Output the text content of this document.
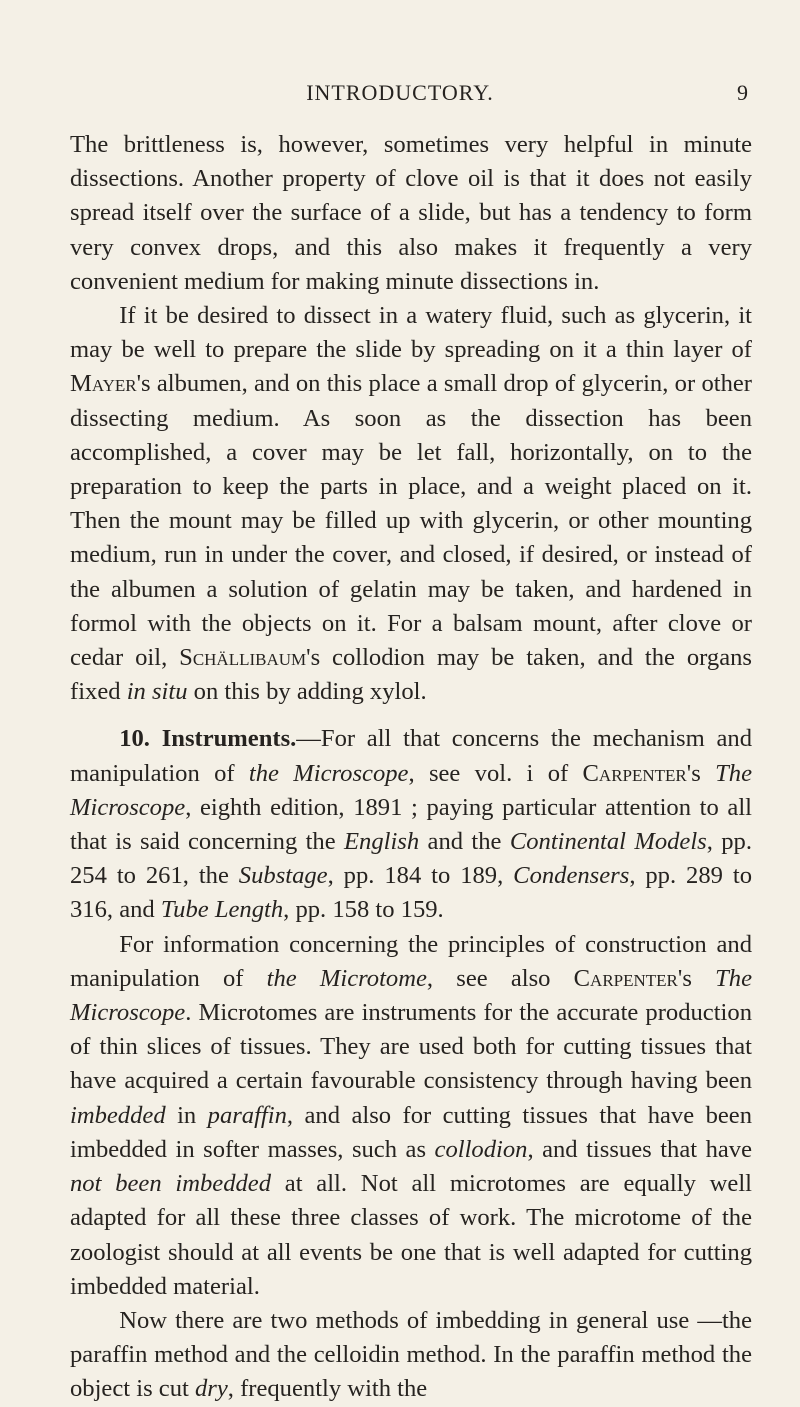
INTRODUCTORY.	9

The brittleness is, however, sometimes very helpful in minute dissections. Another property of clove oil is that it does not easily spread itself over the surface of a slide, but has a tendency to form very convex drops, and this also makes it frequently a very convenient medium for making minute dissections in.

If it be desired to dissect in a watery fluid, such as glycerin, it may be well to prepare the slide by spreading on it a thin layer of Mayer's albumen, and on this place a small drop of glycerin, or other dissecting medium. As soon as the dissection has been accomplished, a cover may be let fall, horizontally, on to the preparation to keep the parts in place, and a weight placed on it. Then the mount may be filled up with glycerin, or other mounting medium, run in under the cover, and closed, if desired, or instead of the albumen a solution of gelatin may be taken, and hardened in formol with the objects on it. For a balsam mount, after clove or cedar oil, Schällibaum's collodion may be taken, and the organs fixed in situ on this by adding xylol.

10. Instruments.—For all that concerns the mechanism and manipulation of the Microscope, see vol. i of Carpenter's The Microscope, eighth edition, 1891 ; paying particular attention to all that is said concerning the English and the Continental Models, pp. 254 to 261, the Substage, pp. 184 to 189, Condensers, pp. 289 to 316, and Tube Length, pp. 158 to 159.

For information concerning the principles of construction and manipulation of the Microtome, see also Carpenter's The Microscope. Microtomes are instruments for the accurate production of thin slices of tissues. They are used both for cutting tissues that have acquired a certain favourable consistency through having been imbedded in paraffin, and also for cutting tissues that have been imbedded in softer masses, such as collodion, and tissues that have not been imbedded at all. Not all microtomes are equally well adapted for all these three classes of work. The microtome of the zoologist should at all events be one that is well adapted for cutting imbedded material.

Now there are two methods of imbedding in general use —the paraffin method and the celloidin method. In the paraffin method the object is cut dry, frequently with the
